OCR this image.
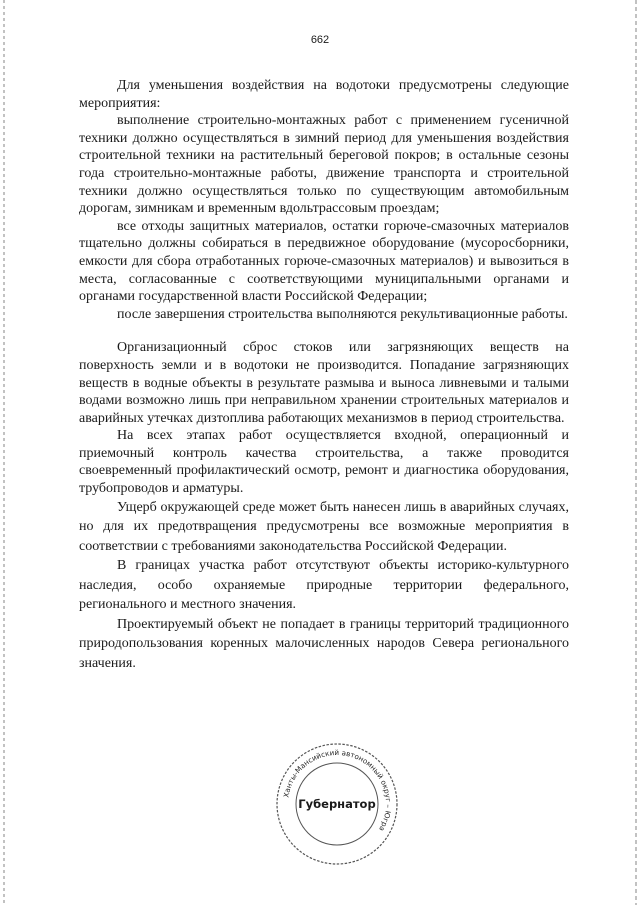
662

Для уменьшения воздействия на водотоки предусмотрены следующие мероприятия:

выполнение строительно-монтажных работ с применением гусеничной техники должно осуществляться в зимний период для уменьшения воздействия строительной техники на растительный береговой покров; в остальные сезоны года строительно-монтажные работы, движение транспорта и строительной техники должно осуществляться только по существующим автомобильным дорогам, зимникам и временным вдольтрассовым проездам;

все отходы защитных материалов, остатки горюче-смазочных материалов тщательно должны собираться в передвижное оборудование (мусоросборники, емкости для сбора отработанных горюче-смазочных материалов) и вывозиться в места, согласованные с соответствующими муниципальными органами и органами государственной власти Российской Федерации;

после завершения строительства выполняются рекультивационные работы.

Организационный сброс стоков или загрязняющих веществ на поверхность земли и в водотоки не производится. Попадание загрязняющих веществ в водные объекты в результате размыва и выноса ливневыми и талыми водами возможно лишь при неправильном хранении строительных материалов и аварийных утечках дизтоплива работающих механизмов в период строительства.

На всех этапах работ осуществляется входной, операционный и приемочный контроль качества строительства, а также проводится своевременный профилактический осмотр, ремонт и диагностика оборудования, трубопроводов и арматуры.

Ущерб окружающей среде может быть нанесен лишь в аварийных случаях, но для их предотвращения предусмотрены все возможные мероприятия в соответствии с требованиями законодательства Российской Федерации.

В границах участка работ отсутствуют объекты историко-культурного наследия, особо охраняемые природные территории федерального, регионального и местного значения.

Проектируемый объект не попадает в границы территорий традиционного природопользования коренных малочисленных народов Севера регионального значения.

Ханты-Мансийский автономный округ – Югра
Губернатор
